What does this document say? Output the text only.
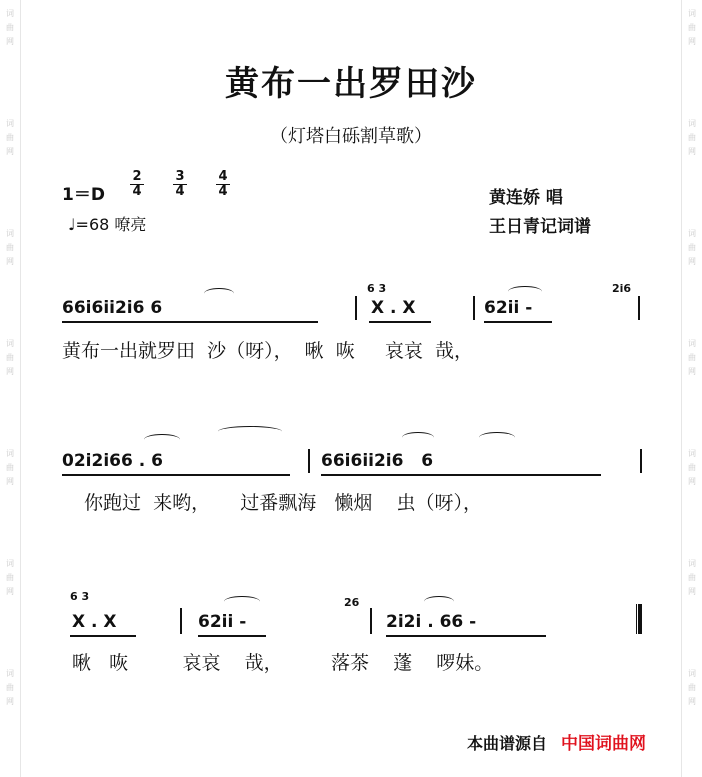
词	词
曲	曲
网	网
词	词
曲	曲
网	网
词	词
曲	曲
网	网
词	词
曲	曲
网	网
词	词
曲	曲
网	网
词	词
曲	曲
网	网
词	词
曲	曲
网	网
黄布一出罗田沙
（灯塔白砾割草歌）
$1=D \frac{2}{4} \frac{3}{4} \frac{4}{4}$
♩=68 嘹亮
黄连娇 唱
王日青记词谱
66i6ii2i6 6
6 3
X . X	62ii -
2i6
黄布一出就罗田  沙（呀），  啾  咴     哀哀  哉，
02i2i66 . 6	66i6ii2i6   6
你跑过  来哟，     过番飘海   懒烟    虫（呀），
6 3
X . X	62ii -
26
2i2i . 66 -
啾   咴         哀哀    哉，        落茶    蓬    啰妹。
本曲谱源自 中国词曲网
